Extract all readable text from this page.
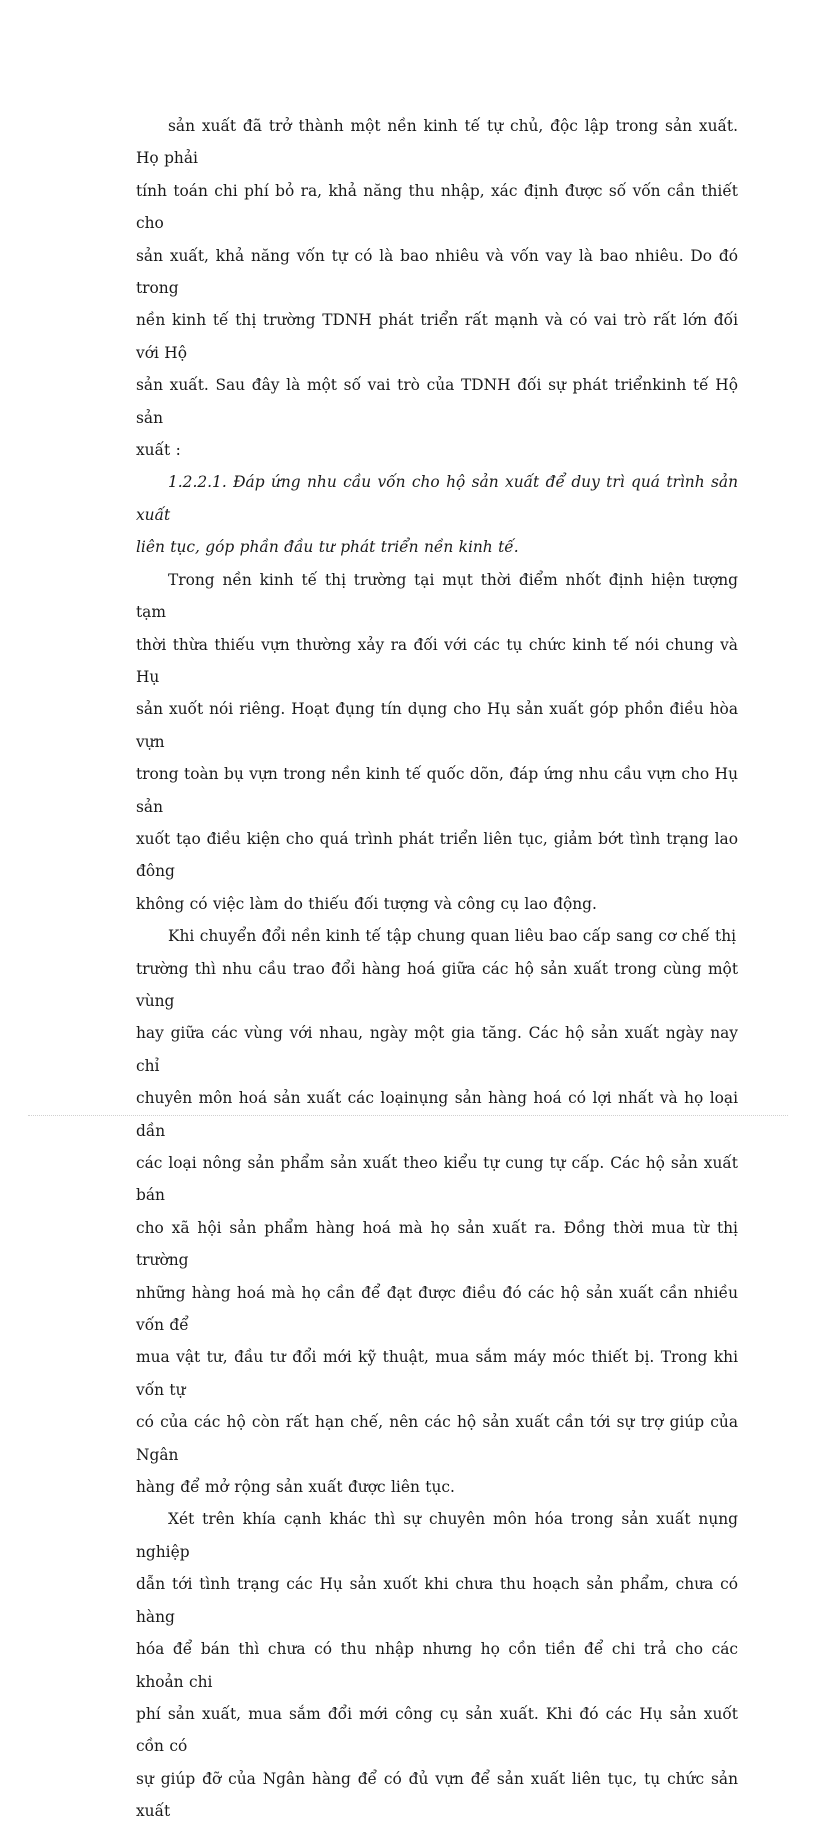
sản xuất đã trở thành một nền kinh tế tự chủ, độc lập trong sản xuất. Họ phải
tính toán chi phí bỏ ra, khả năng thu nhập, xác định được số vốn cần thiết cho
sản xuất, khả năng vốn tự có là bao nhiêu và vốn vay là bao nhiêu. Do đó trong
nền kinh tế thị trường TDNH phát triển rất mạnh và có vai trò rất lớn đối với Hộ
sản xuất. Sau đây là một số vai trò của TDNH đối sự phát triểnkinh tế Hộ sản
xuất :

1.2.2.1. Đáp ứng nhu cầu vốn cho hộ sản xuất để duy trì quá trình sản xuất
liên tục, góp phần đầu tư phát triển nền kinh tế.

Trong nền kinh tế thị trường tại mụt thời điểm nhốt định hiện tượng tạm
thời thừa thiếu vựn thường xảy ra đối với các tụ chức kinh tế nói chung và Hụ
sản xuốt nói riêng. Hoạt đụng tín dụng cho Hụ sản xuất góp phồn điều hòa vựn
trong toàn bụ vựn trong nền kinh tế quốc dõn, đáp ứng nhu cầu vựn cho Hụ sản
xuốt tạo điều kiện cho quá trình phát triển liên tục, giảm bớt tình trạng lao đông
không có việc làm do thiếu đối tượng và công cụ lao động.

Khi chuyển đổi nền kinh tế tập chung quan liêu bao cấp sang cơ chế thị
trường thì nhu cầu trao đổi hàng hoá giữa các hộ sản xuất trong cùng một vùng
hay giữa các vùng với nhau, ngày một gia tăng. Các hộ sản xuất ngày nay chỉ
chuyên môn hoá sản xuất các loạinụng sản hàng hoá có lợi nhất và họ loại dần
các loại nông sản phẩm sản xuất theo kiểu tự cung tự cấp. Các hộ sản xuất bán
cho xã hội sản phẩm hàng hoá mà họ sản xuất ra. Đồng thời mua từ thị trường
những hàng hoá mà họ cần để đạt được điều đó các hộ sản xuất cần nhiều vốn để
mua vật tư, đầu tư đổi mới kỹ thuật, mua sắm máy móc thiết bị. Trong khi vốn tự
có của các hộ còn rất hạn chế, nên các hộ sản xuất cần tới sự trợ giúp của Ngân
hàng để mở rộng sản xuất được liên tục.

Xét trên khía cạnh khác thì sự chuyên môn hóa trong sản xuất nụng nghiệp
dẫn tới tình trạng các Hụ sản xuốt khi chưa thu hoạch sản phẩm, chưa có hàng
hóa để bán thì chưa có thu nhập nhưng họ cồn tiền để chi trả cho các khoản chi
phí sản xuất, mua sắm đổi mới công cụ sản xuất. Khi đó các Hụ sản xuốt cồn có
sự giúp đỡ của Ngân hàng để có đủ vựn để sản xuất liên tục, tụ chức sản xuất
